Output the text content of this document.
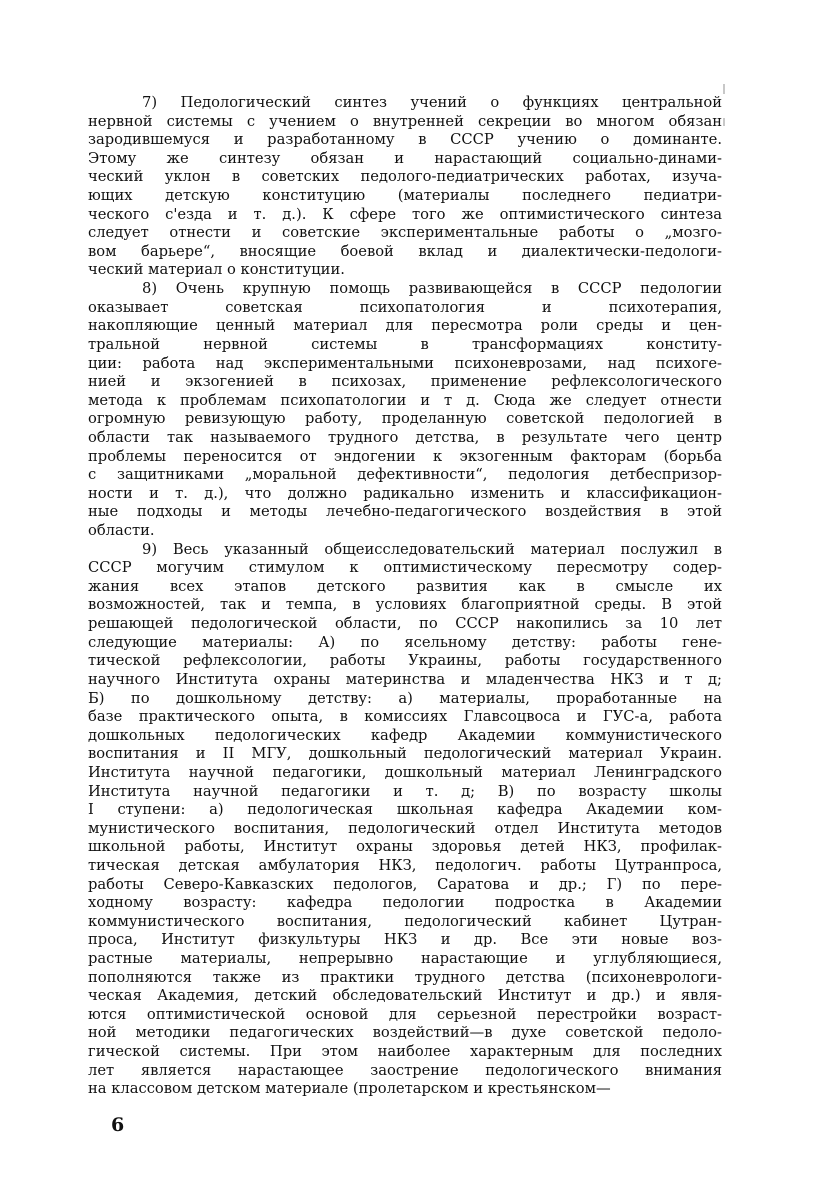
7) Педологический синтез учений о функциях центральной
нервной системы с учением о внутренней секреции во многом обязан
зародившемуся и разработанному в СССР учению о доминанте.
Этому же синтезу обязан и нарастающий социально-динами-
ческий уклон в советских педолого-педиатрических работах, изуча-
ющих детскую конституцию (материалы последнего педиатри-
ческого с'езда и т. д.). К сфере того же оптимистического синтеза
следует отнести и советские экспериментальные работы о „мозго-
вом барьере“, вносящие боевой вклад и диалектически-педологи-
ческий материал о конституции.
8) Очень крупную помощь развивающейся в СССР педологии
оказывает советская психопатология и психотерапия,
накопляющие ценный материал для пересмотра роли среды и цен-
тральной нервной системы в трансформациях конститу-
ции: работа над экспериментальными психоневрозами, над психоге-
нией и экзогенией в психозах, применение рефлексологического
метода к проблемам психопатологии и т д. Сюда же следует отнести
огромную ревизующую работу, проделанную советской педологией в
области так называемого трудного детства, в результате чего центр
проблемы переносится от эндогении к экзогенным факторам (борьба
с защитниками „моральной дефективности“, педология детбеспризор-
ности и т. д.), что должно радикально изменить и классификацион-
ные подходы и методы лечебно-педагогического воздействия в этой
области.
9) Весь указанный общеисследовательский материал послужил в
СССР могучим стимулом к оптимистическому пересмотру содер-
жания всех этапов детского развития как в смысле их
возможностей, так и темпа, в условиях благоприятной среды. В этой
решающей педологической области, по СССР накопились за 10 лет
следующие материалы: А) по ясельному детству: работы гене-
тической рефлексологии, работы Украины, работы государственного
научного Института охраны материнства и младенчества НКЗ и т д;
Б) по дошкольному детству: а) материалы, проработанные на
базе практического опыта, в комиссиях Главсоцвоса и ГУС-а, работа
дошкольных педологических кафедр Академии коммунистического
воспитания и II МГУ, дошкольный педологический материал Украин.
Института научной педагогики, дошкольный материал Ленинградского
Института научной педагогики и т. д; В) по возрасту школы
I ступени: а) педологическая школьная кафедра Академии ком-
мунистического воспитания, педологический отдел Института методов
школьной работы, Институт охраны здоровья детей НКЗ, профилак-
тическая детская амбулатория НКЗ, педологич. работы Цутранпроса,
работы Северо-Кавказских педологов, Саратова и др.; Г) по пере-
ходному возрасту: кафедра педологии подростка в Академии
коммунистического воспитания, педологический кабинет Цутран-
проса, Институт физкультуры НКЗ и др. Все эти новые воз-
растные материалы, непрерывно нарастающие и углубляющиеся,
пополняются также из практики трудного детства (психоневрологи-
ческая Академия, детский обследовательский Институт и др.) и явля-
ются оптимистической основой для серьезной перестройки возраст-
ной методики педагогических воздействий—в духе советской педоло-
гической системы. При этом наиболее характерным для последних
лет является нарастающее заострение педологического внимания
на классовом детском материале (пролетарском и крестьянском—
6
